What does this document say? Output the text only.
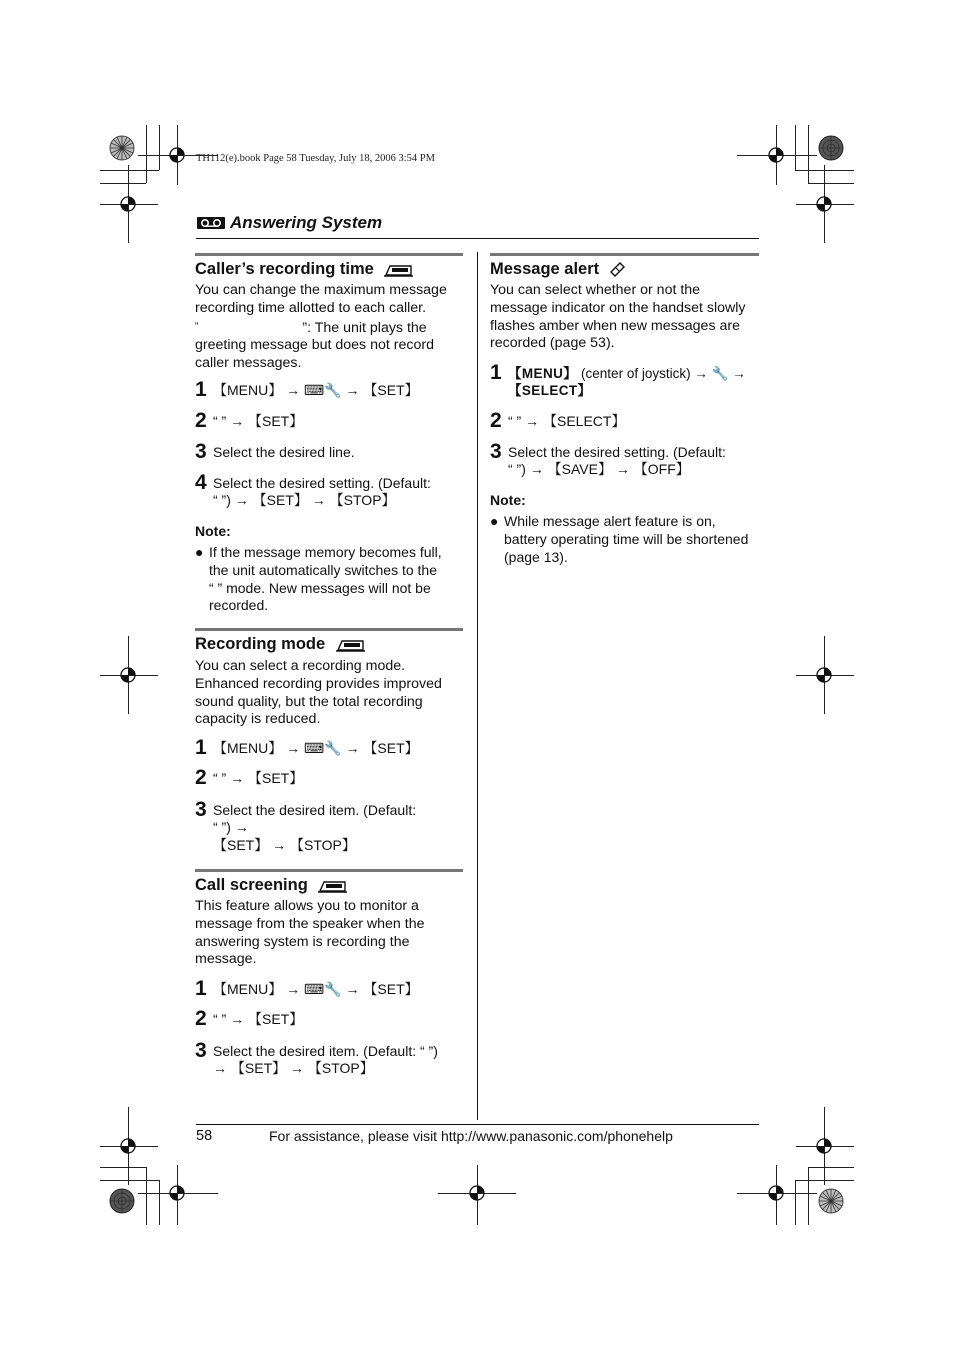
TH112(e).book Page 58 Tuesday, July 18, 2006 3:54 PM
Answering System
Caller’s recording time
You can change the maximum message recording time allotted to each caller.
“	”: The unit plays the greeting message but does not record caller messages.
1 【MENU】 → ⌨🔧 → 【SET】
2 “ ” → 【SET】
3 Select the desired line.
4 Select the desired setting. (Default:
“ ”) → 【SET】 → 【STOP】
Note:
● If the message memory becomes full, the unit automatically switches to the
“ ” mode. New messages will not be recorded.
Recording mode
You can select a recording mode. Enhanced recording provides improved sound quality, but the total recording capacity is reduced.
1 【MENU】 → ⌨🔧 → 【SET】
2 “ ” → 【SET】
3 Select the desired item. (Default:
“ ”) →
【SET】 → 【STOP】
Call screening
This feature allows you to monitor a message from the speaker when the answering system is recording the message.
1 【MENU】 → ⌨🔧 → 【SET】
2 “ ” → 【SET】
3 Select the desired item. (Default: “ ”)
→ 【SET】 → 【STOP】
Message alert
You can select whether or not the message indicator on the handset slowly flashes amber when new messages are recorded (page 53).
1 【MENU】 (center of joystick) → 🔧 →
【SELECT】
2 “ ” → 【SELECT】
3 Select the desired setting. (Default:
“ ”) → 【SAVE】 → 【OFF】
Note:
● While message alert feature is on, battery operating time will be shortened (page 13).
58	For assistance, please visit http://www.panasonic.com/phonehelp
